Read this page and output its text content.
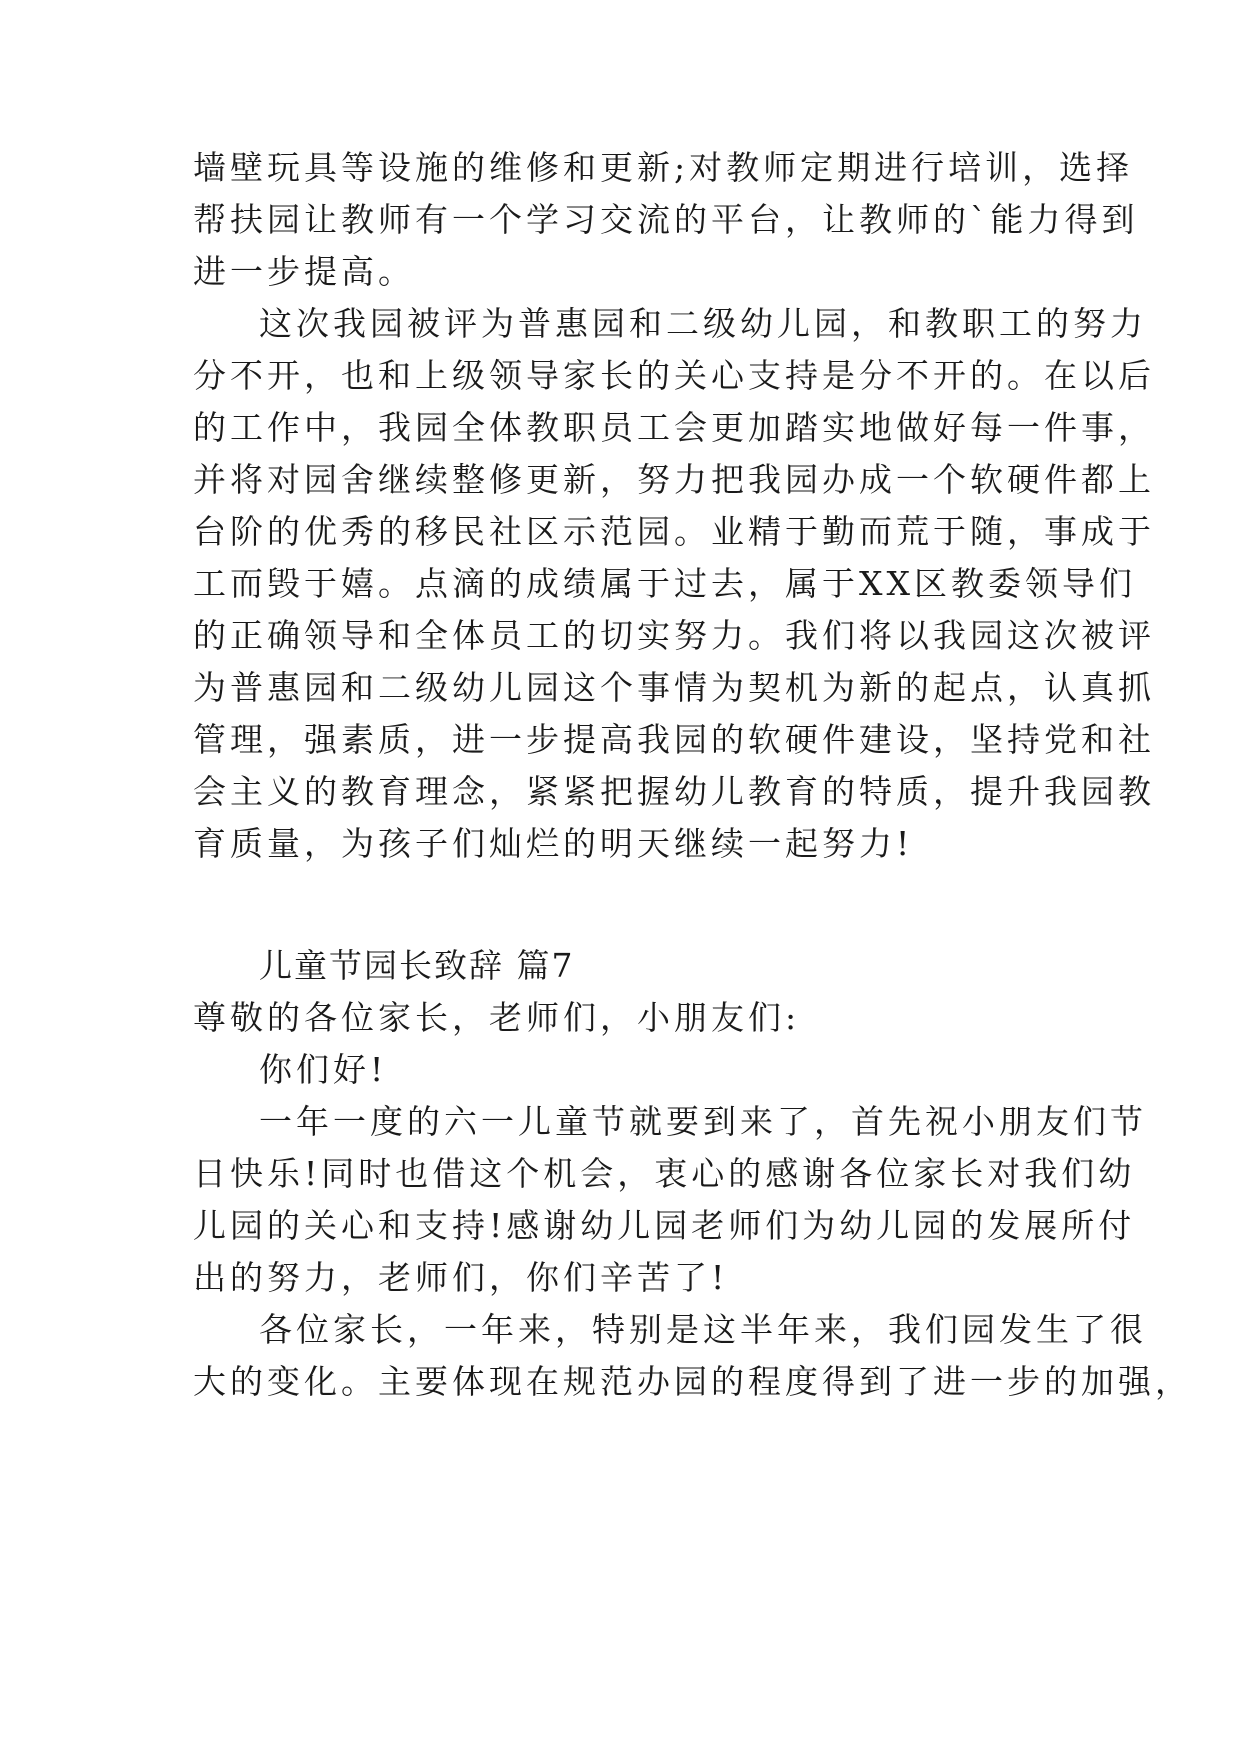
墙壁玩具等设施的维修和更新;对教师定期进行培训，选择
帮扶园让教师有一个学习交流的平台，让教师的`能力得到
进一步提高。
这次我园被评为普惠园和二级幼儿园，和教职工的努力
分不开，也和上级领导家长的关心支持是分不开的。在以后
的工作中，我园全体教职员工会更加踏实地做好每一件事，
并将对园舍继续整修更新，努力把我园办成一个软硬件都上
台阶的优秀的移民社区示范园。业精于勤而荒于随，事成于
工而毁于嬉。点滴的成绩属于过去，属于XX区教委领导们
的正确领导和全体员工的切实努力。我们将以我园这次被评
为普惠园和二级幼儿园这个事情为契机为新的起点，认真抓
管理，强素质，进一步提高我园的软硬件建设，坚持党和社
会主义的教育理念，紧紧把握幼儿教育的特质，提升我园教
育质量，为孩子们灿烂的明天继续一起努力!
儿童节园长致辞 篇7
尊敬的各位家长，老师们，小朋友们:
你们好!
一年一度的六一儿童节就要到来了，首先祝小朋友们节
日快乐!同时也借这个机会，衷心的感谢各位家长对我们幼
儿园的关心和支持!感谢幼儿园老师们为幼儿园的发展所付
出的努力，老师们，你们辛苦了!
各位家长，一年来，特别是这半年来，我们园发生了很
大的变化。主要体现在规范办园的程度得到了进一步的加强，
